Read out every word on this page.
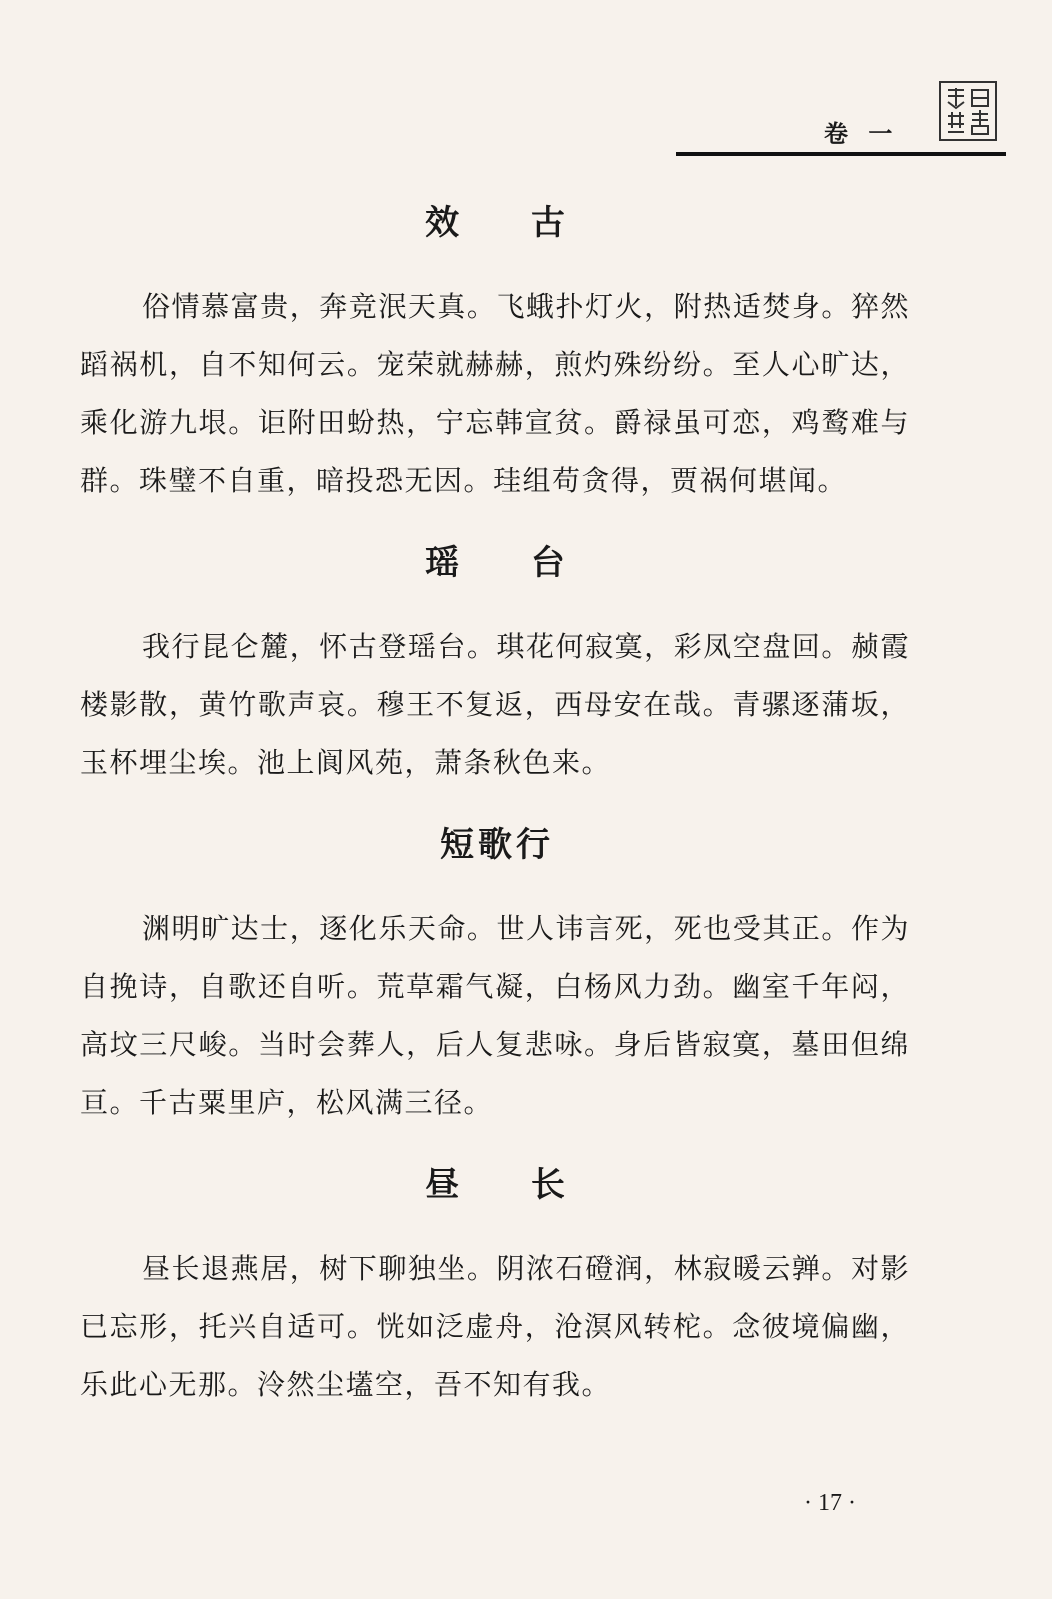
卷 一
效 古

俗情慕富贵，奔竞泯天真。飞蛾扑灯火，附热适焚身。猝然蹈祸机，自不知何云。宠荣就赫赫，煎灼殊纷纷。至人心旷达，乘化游九垠。讵附田蚡热，宁忘韩宣贫。爵禄虽可恋，鸡鹜难与群。珠璧不自重，暗投恐无因。珪组苟贪得，贾祸何堪闻。

瑶 台

我行昆仑麓，怀古登瑶台。琪花何寂寞，彩凤空盘回。赪霞楼影散，黄竹歌声哀。穆王不复返，西母安在哉。青骡逐蒲坂，玉杯埋尘埃。池上阆风苑，萧条秋色来。

短歌行

渊明旷达士，逐化乐天命。世人讳言死，死也受其正。作为自挽诗，自歌还自听。荒草霜气凝，白杨风力劲。幽室千年闷，高坟三尺峻。当时会葬人，后人复悲咏。身后皆寂寞，墓田但绵亘。千古粟里庐，松风满三径。

昼 长

昼长退燕居，树下聊独坐。阴浓石磴润，林寂暖云亸。对影已忘形，托兴自适可。恍如泛虚舟，沧溟风转柁。念彼境偏幽，乐此心无那。泠然尘壒空，吾不知有我。

· 17 ·
